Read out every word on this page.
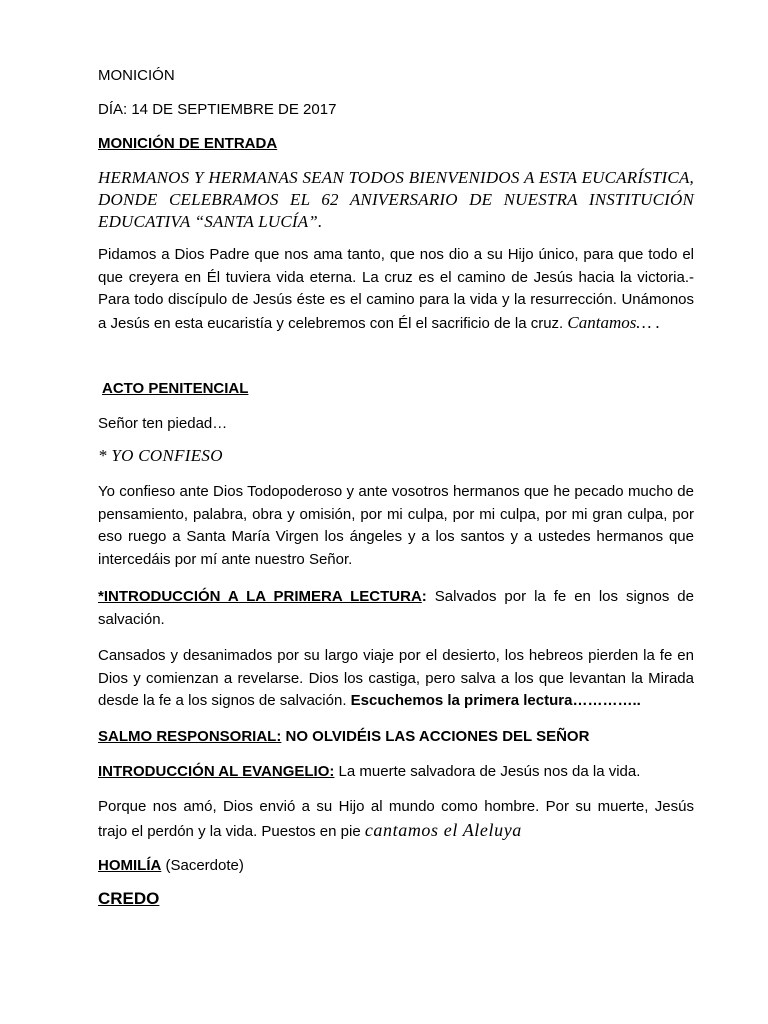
MONICIÓN
DÍA: 14 DE SEPTIEMBRE DE 2017
MONICIÓN DE ENTRADA
HERMANOS Y HERMANAS SEAN TODOS BIENVENIDOS A ESTA EUCARÍSTICA, DONDE CELEBRAMOS EL 62 ANIVERSARIO DE NUESTRA INSTITUCIÓN EDUCATIVA “SANTA LUCÍA”.
Pidamos a Dios Padre que nos ama tanto, que nos dio a su Hijo único, para que todo el que creyera en Él tuviera vida eterna. La cruz es el camino de Jesús hacia la victoria.- Para todo discípulo de Jesús éste es el camino para la vida y la resurrección. Unámonos a Jesús en esta eucaristía y celebremos con Él el sacrificio de la cruz. Cantamos… .
ACTO PENITENCIAL
Señor ten piedad…
* YO CONFIESO
Yo confieso ante Dios Todopoderoso y ante vosotros hermanos que he pecado mucho de pensamiento, palabra, obra y omisión, por mi culpa, por mi culpa, por mi gran culpa, por eso ruego a Santa María Virgen los ángeles y a los santos y a ustedes hermanos que intercedáis por mí ante nuestro Señor.
*INTRODUCCIÓN A LA PRIMERA LECTURA: Salvados por la fe en los signos de salvación.
Cansados y desanimados por su largo viaje por el desierto, los hebreos pierden la fe en Dios y comienzan a revelarse. Dios los castiga, pero salva a los que levantan la Mirada desde la fe a los signos de salvación. Escuchemos la primera lectura…………..
SALMO RESPONSORIAL: NO OLVIDÉIS LAS ACCIONES DEL SEÑOR
INTRODUCCIÓN AL EVANGELIO: La muerte salvadora de Jesús nos da la vida.
Porque nos amó, Dios envió a su Hijo al mundo como hombre. Por su muerte, Jesús trajo el perdón y la vida. Puestos en pie cantamos el Aleluya
HOMILÍA (Sacerdote)
CREDO
